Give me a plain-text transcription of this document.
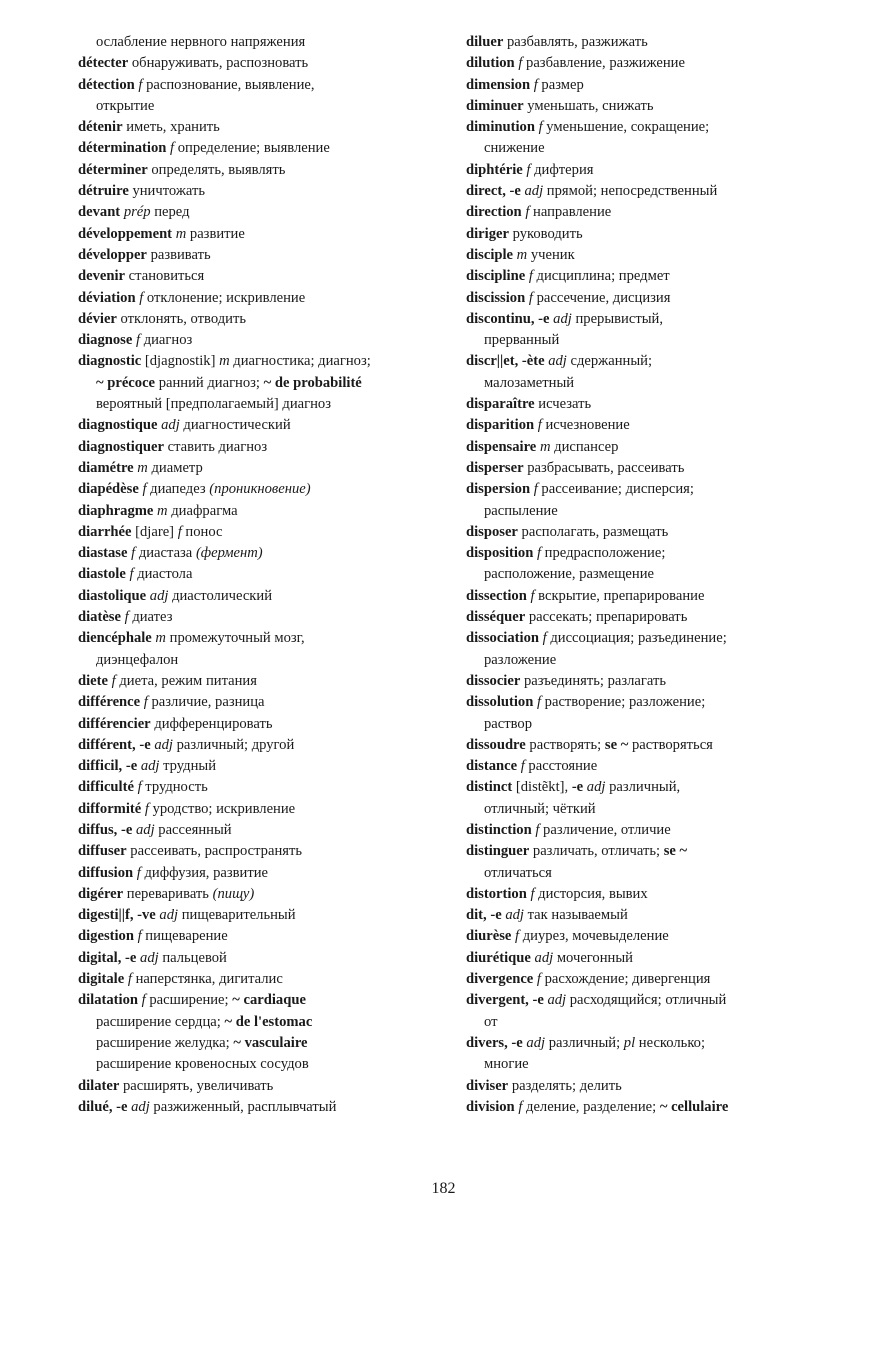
ослабление нервного напряжения
détecter обнаруживать, распозновать
détection f распознование, выявление,
открытие
détenir иметь, хранить
détermination f определение; выявление
déterminer определять, выявлять
détruire уничтожать
devant prép перед
développement m развитие
développer развивать
devenir становиться
déviation f отклонение; искривление
dévier отклонять, отводить
diagnose f диагноз
diagnostic [djagnostik] m диагностика; диагноз;
~ précoce ранний диагноз; ~ de probabilité
вероятный [предполагаемый] диагноз
diagnostique adj диагностический
diagnostiquer ставить диагноз
diamétre m диаметр
diapédèse f диапедез (проникновение)
diaphragme m диафрагма
diarrhée [djare] f понос
diastase f диастаза (фермент)
diastole f диастола
diastolique adj диастолический
diatèse f диатез
diencéphale m промежуточный мозг,
диэнцефалон
diete f диета, режим питания
différence f различие, разница
différencier дифференцировать
différent, -e adj различный; другой
difficil, -e adj трудный
difficulté f трудность
difformité f уродство; искривление
diffus, -e adj рассеянный
diffuser рассеивать, распространять
diffusion f диффузия, развитие
digérer переваривать (пищу)
digesti||f, -ve adj пищеварительный
digestion f пищеварение
digital, -e adj пальцевой
digitale f наперстянка, дигиталис
dilatation f расширение; ~ cardiaque
расширение сердца; ~ de l'estomac
расширение желудка; ~ vasculaire
расширение кровеносных сосудов
dilater расширять, увеличивать
dilué, -e adj разжиженный, расплывчатый
diluer разбавлять, разжижать
dilution f разбавление, разжижение
dimension f размер
diminuer уменьшать, снижать
diminution f уменьшение, сокращение;
снижение
diphtérie f дифтерия
direct, -e adj прямой; непосредственный
direction f направление
diriger руководить
disciple m ученик
discipline f дисциплина; предмет
discission f рассечение, дисцизия
discontinu, -e adj прерывистый,
прерванный
discr||et, -ète adj сдержанный;
малозаметный
disparaître исчезать
disparition f исчезновение
dispensaire m диспансер
disperser разбрасывать, рассеивать
dispersion f рассеивание; дисперсия;
распыление
disposer располагать, размещать
disposition f предрасположение;
расположение, размещение
dissection f вскрытие, препарирование
disséquer рассекать; препарировать
dissociation f диссоциация; разъединение;
разложение
dissocier разъединять; разлагать
dissolution f растворение; разложение;
раствор
dissoudre растворять; se ~ растворяться
distance f расстояние
distinct [distẽkt], -e adj различный,
отличный; чёткий
distinction f различение, отличие
distinguer различать, отличать; se ~
отличаться
distortion f дисторсия, вывих
dit, -e adj так называемый
diurèse f диурез, мочевыделение
diurétique adj мочегонный
divergence f расхождение; дивергенция
divergent, -e adj расходящийся; отличный
от
divers, -e adj различный; pl несколько;
многие
diviser разделять; делить
division f деление, разделение; ~ cellulaire
182
